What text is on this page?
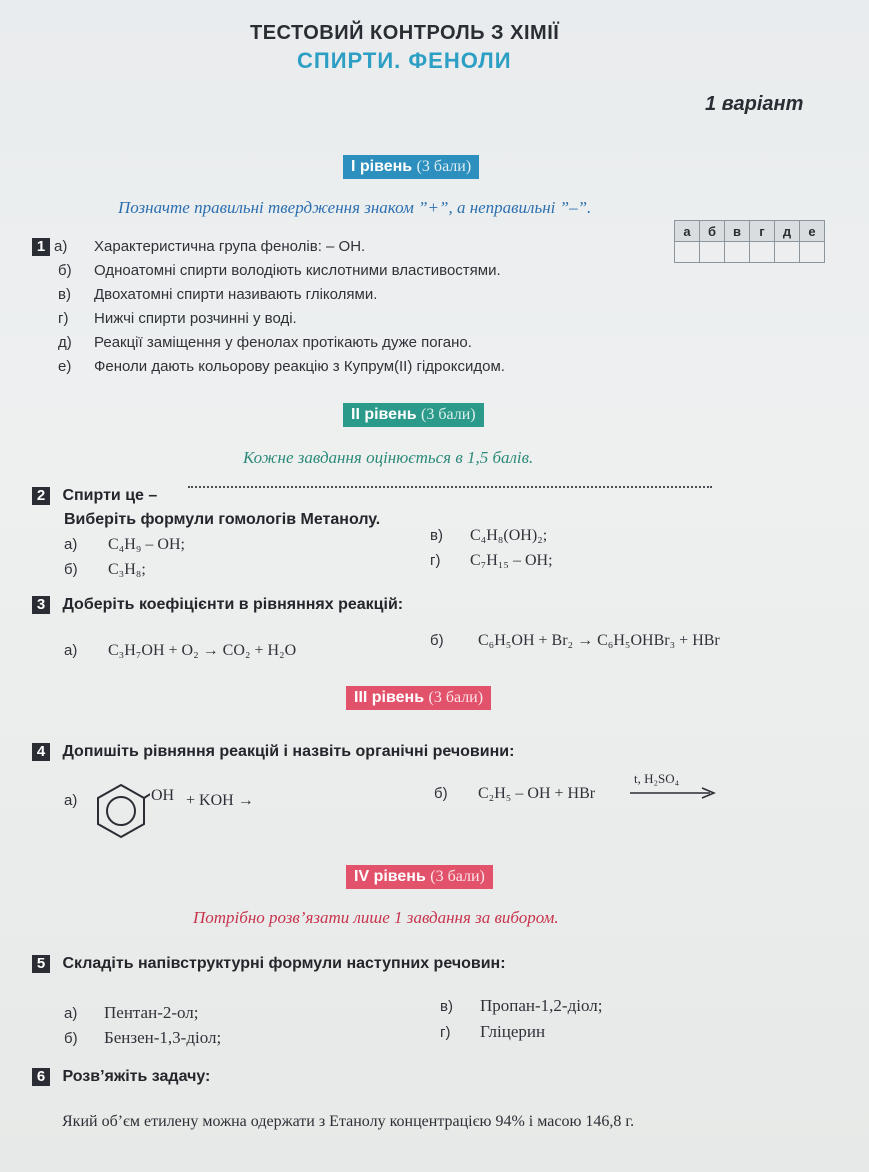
ТЕСТОВИЙ КОНТРОЛЬ З ХІМІЇ
СПИРТИ. ФЕНОЛИ
1 варіант
І рівень (3 бали)
Позначте правильні твердження знаком ”+”, а неправильні ”–”.
1 а) Характеристична група фенолів: – OH.
б) Одноатомні спирти володіють кислотними властивостями.
в) Двохатомні спирти називають гліколями.
г) Нижчі спирти розчинні у воді.
д) Реакції заміщення у фенолах протікають дуже погано.
е) Феноли дають кольорову реакцію з Купрум(II) гідроксидом.
а	б	в	г	д	е

ІІ рівень (3 бали)
Кожне завдання оцінюється в 1,5 балів.
2 Спирти це –
Виберіть формули гомологів Метанолу.
а) C₄H₉ – OH;
б) C₃H₈;
в) C₄H₈(OH)₂;
г) C₇H₁₅ – OH;
3 Доберіть коефіцієнти в рівняннях реакцій:
а) C₃H₇OH + O₂ → CO₂ + H₂O
б) C₆H₅OH + Br₂ → C₆H₅OHBr₃ + HBr
ІІІ рівень (3 бали)
4 Допишіть рівняння реакцій і назвіть органічні речовини:
а)	OH + KOH →	б) C₂H₅ – OH + HBr
t, H₂SO₄
IV рівень (3 бали)
Потрібно розв’язати лише 1 завдання за вибором.
5 Складіть напівструктурні формули наступних речовин:
а) Пентан-2-ол;
б) Бензен-1,3-діол;
в) Пропан-1,2-діол;
г) Гліцерин
6 Розв’яжіть задачу:
Який об’єм етилену можна одержати з Етанолу концентрацією 94% і масою 146,8 г.
